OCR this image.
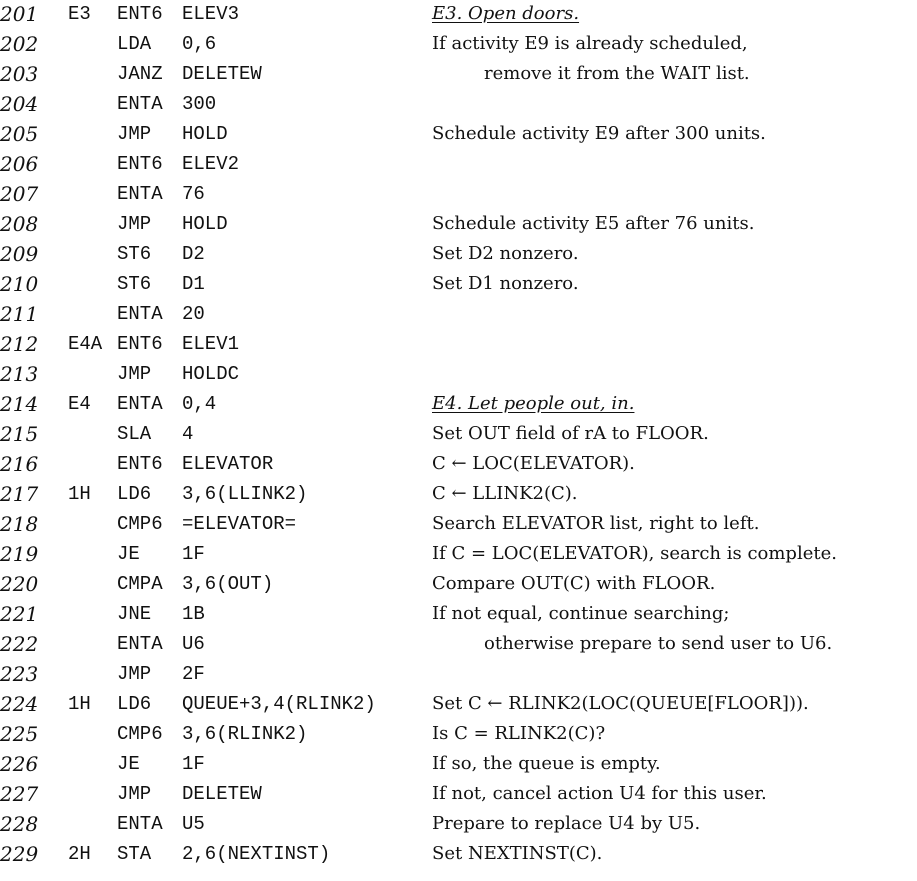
201	E3 ENT6 ELEV3	E3. Open doors.
202	LDA 0,6	If activity E9 is already scheduled,
203	JANZ DELETEW	remove it from the WAIT list.
204	ENTA 300
205	JMP HOLD	Schedule activity E9 after 300 units.
206	ENT6 ELEV2
207	ENTA 76
208	JMP HOLD	Schedule activity E5 after 76 units.
209	ST6 D2	Set D2 nonzero.
210	ST6 D1	Set D1 nonzero.
211	ENTA 20
212	E4A ENT6 ELEV1
213	JMP HOLDC
214	E4 ENTA 0,4	E4. Let people out, in.
215	SLA 4	Set OUT field of rA to FLOOR.
216	ENT6 ELEVATOR	C ← LOC(ELEVATOR).
217	1H LD6 3,6(LLINK2)	C ← LLINK2(C).
218	CMP6 =ELEVATOR=	Search ELEVATOR list, right to left.
219	JE 1F	If C = LOC(ELEVATOR), search is complete.
220	CMPA 3,6(OUT)	Compare OUT(C) with FLOOR.
221	JNE 1B	If not equal, continue searching;
222	ENTA U6	otherwise prepare to send user to U6.
223	JMP 2F
224	1H LD6 QUEUE+3,4(RLINK2)	Set C ← RLINK2(LOC(QUEUE[FLOOR])).
225	CMP6 3,6(RLINK2)	Is C = RLINK2(C)?
226	JE 1F	If so, the queue is empty.
227	JMP DELETEW	If not, cancel action U4 for this user.
228	ENTA U5	Prepare to replace U4 by U5.
229	2H STA 2,6(NEXTINST)	Set NEXTINST(C).
